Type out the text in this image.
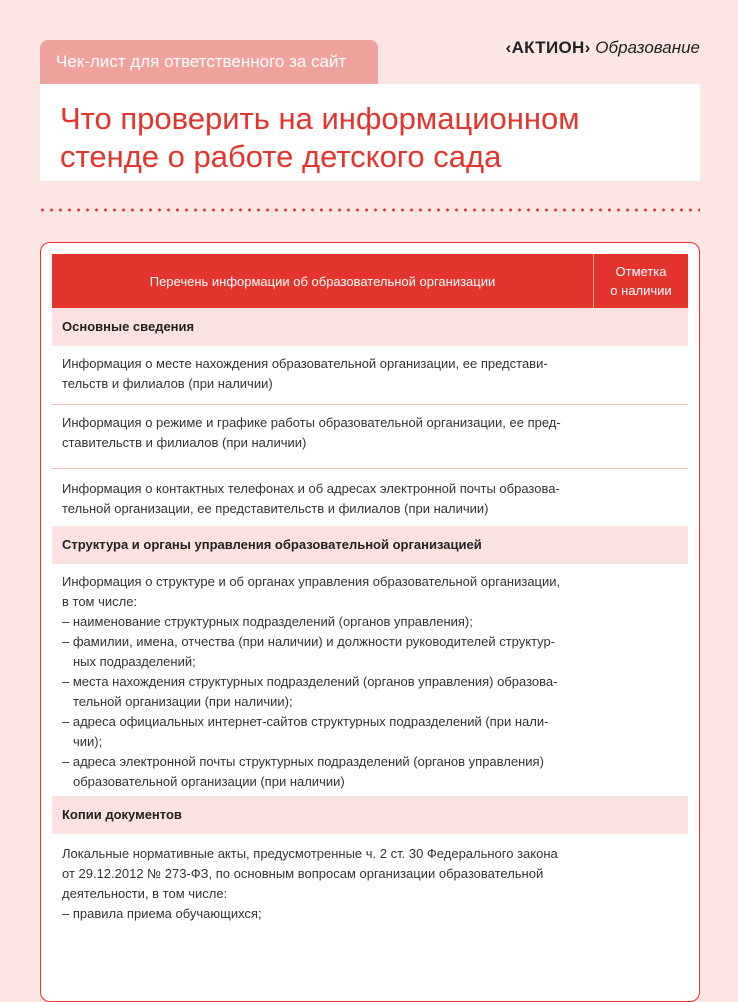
Чек-лист для ответственного за сайт
‹АКТИОН› Образование
Что проверить на информационном
стенде о работе детского сада
Перечень информации об образовательной организации
Отметка
о наличии
Основные сведения
Информация о месте нахождения образовательной организации, ее представи-
тельств и филиалов (при наличии)
Информация о режиме и графике работы образовательной организации, ее пред-
ставительств и филиалов (при наличии)
Информация о контактных телефонах и об адресах электронной почты образова-
тельной организации, ее представительств и филиалов (при наличии)
Структура и органы управления образовательной организацией
Информация о структуре и об органах управления образовательной организации,
в том числе:
– наименование структурных подразделений (органов управления);
– фамилии, имена, отчества (при наличии) и должности руководителей структур-
ных подразделений;
– места нахождения структурных подразделений (органов управления) образова-
тельной организации (при наличии);
– адреса официальных интернет-сайтов структурных подразделений (при нали-
чии);
– адреса электронной почты структурных подразделений (органов управления)
образовательной организации (при наличии)
Копии документов
Локальные нормативные акты, предусмотренные ч. 2 ст. 30 Федерального закона
от 29.12.2012 № 273-ФЗ, по основным вопросам организации образовательной
деятельности, в том числе:
– правила приема обучающихся;
